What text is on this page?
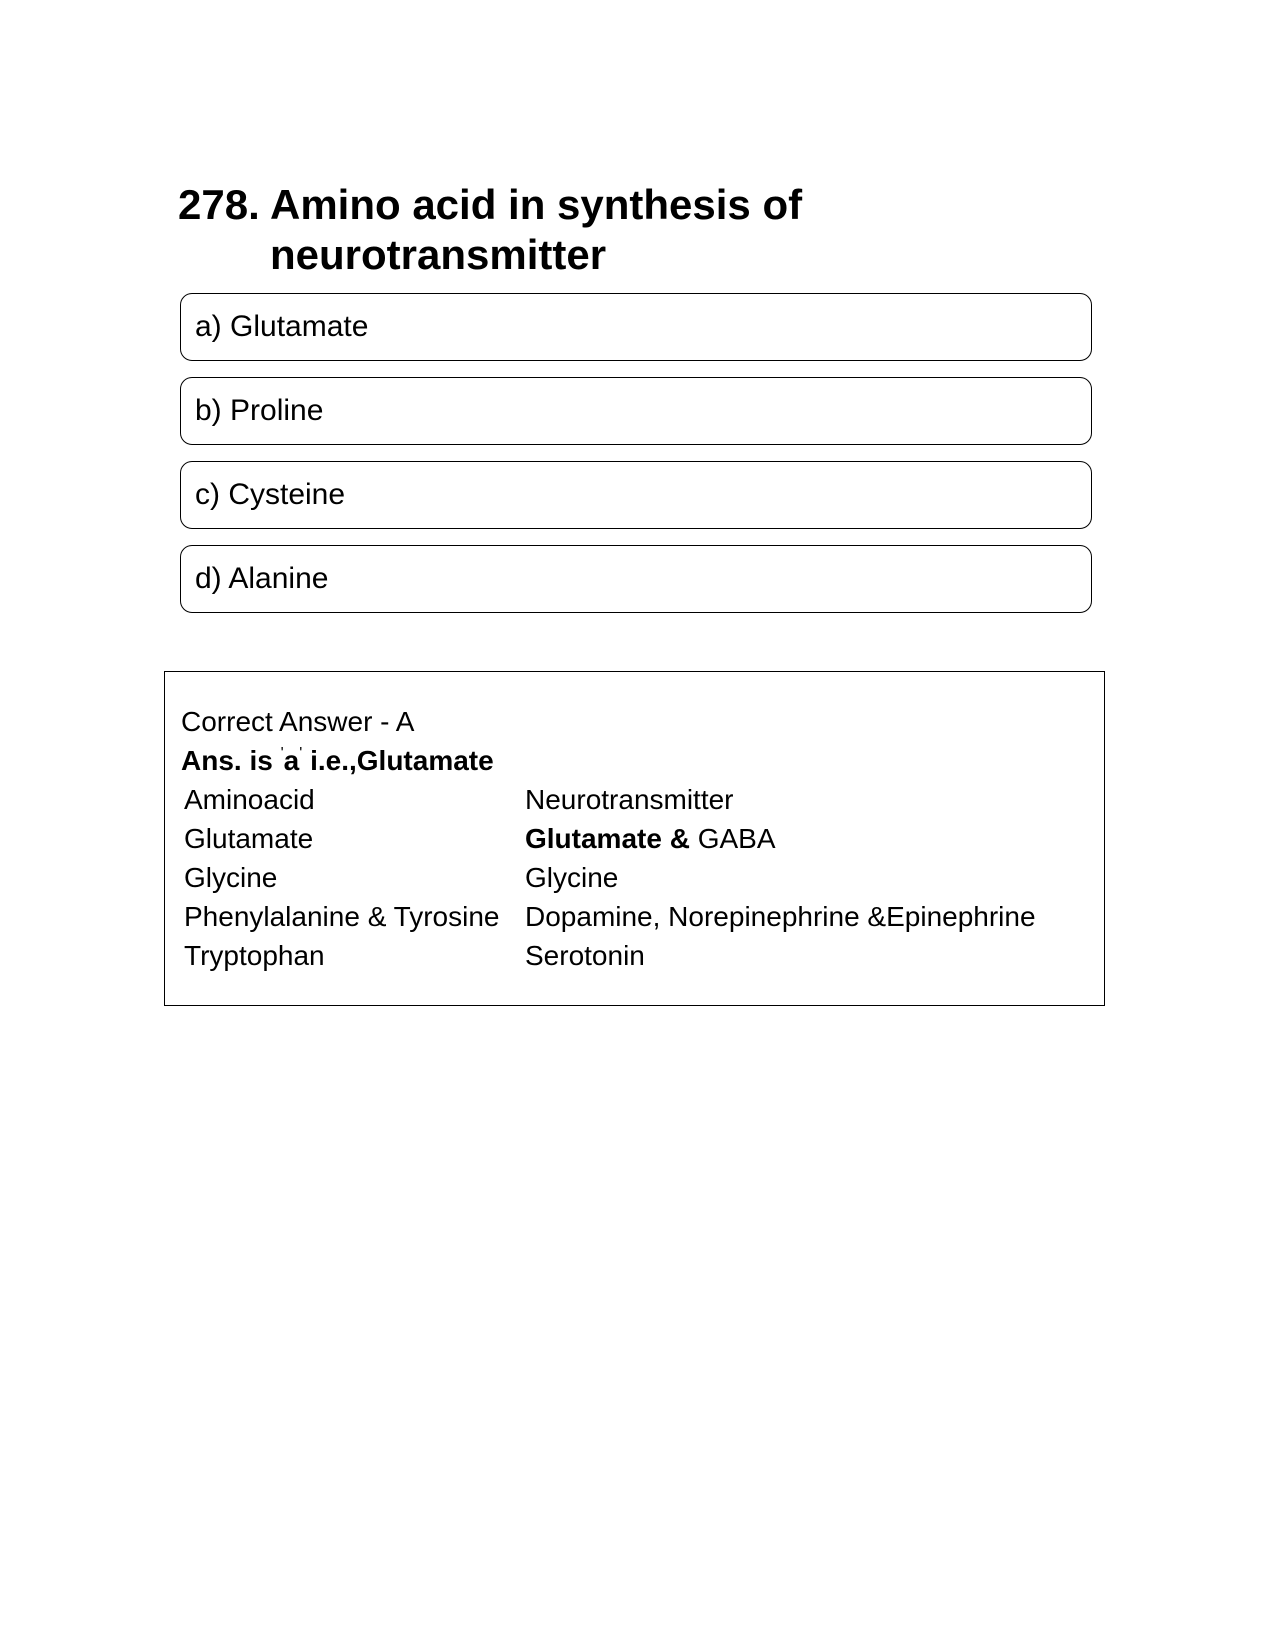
278. Amino acid in synthesis of neurotransmitter
a) Glutamate
b) Proline
c) Cysteine
d) Alanine
Correct Answer - A
Ans. is 'a' i.e.,Glutamate
Aminoacid	Neurotransmitter
Glutamate	Glutamate & GABA
Glycine	Glycine
Phenylalanine & Tyrosine	Dopamine, Norepinephrine &Epinephrine
Tryptophan	Serotonin
